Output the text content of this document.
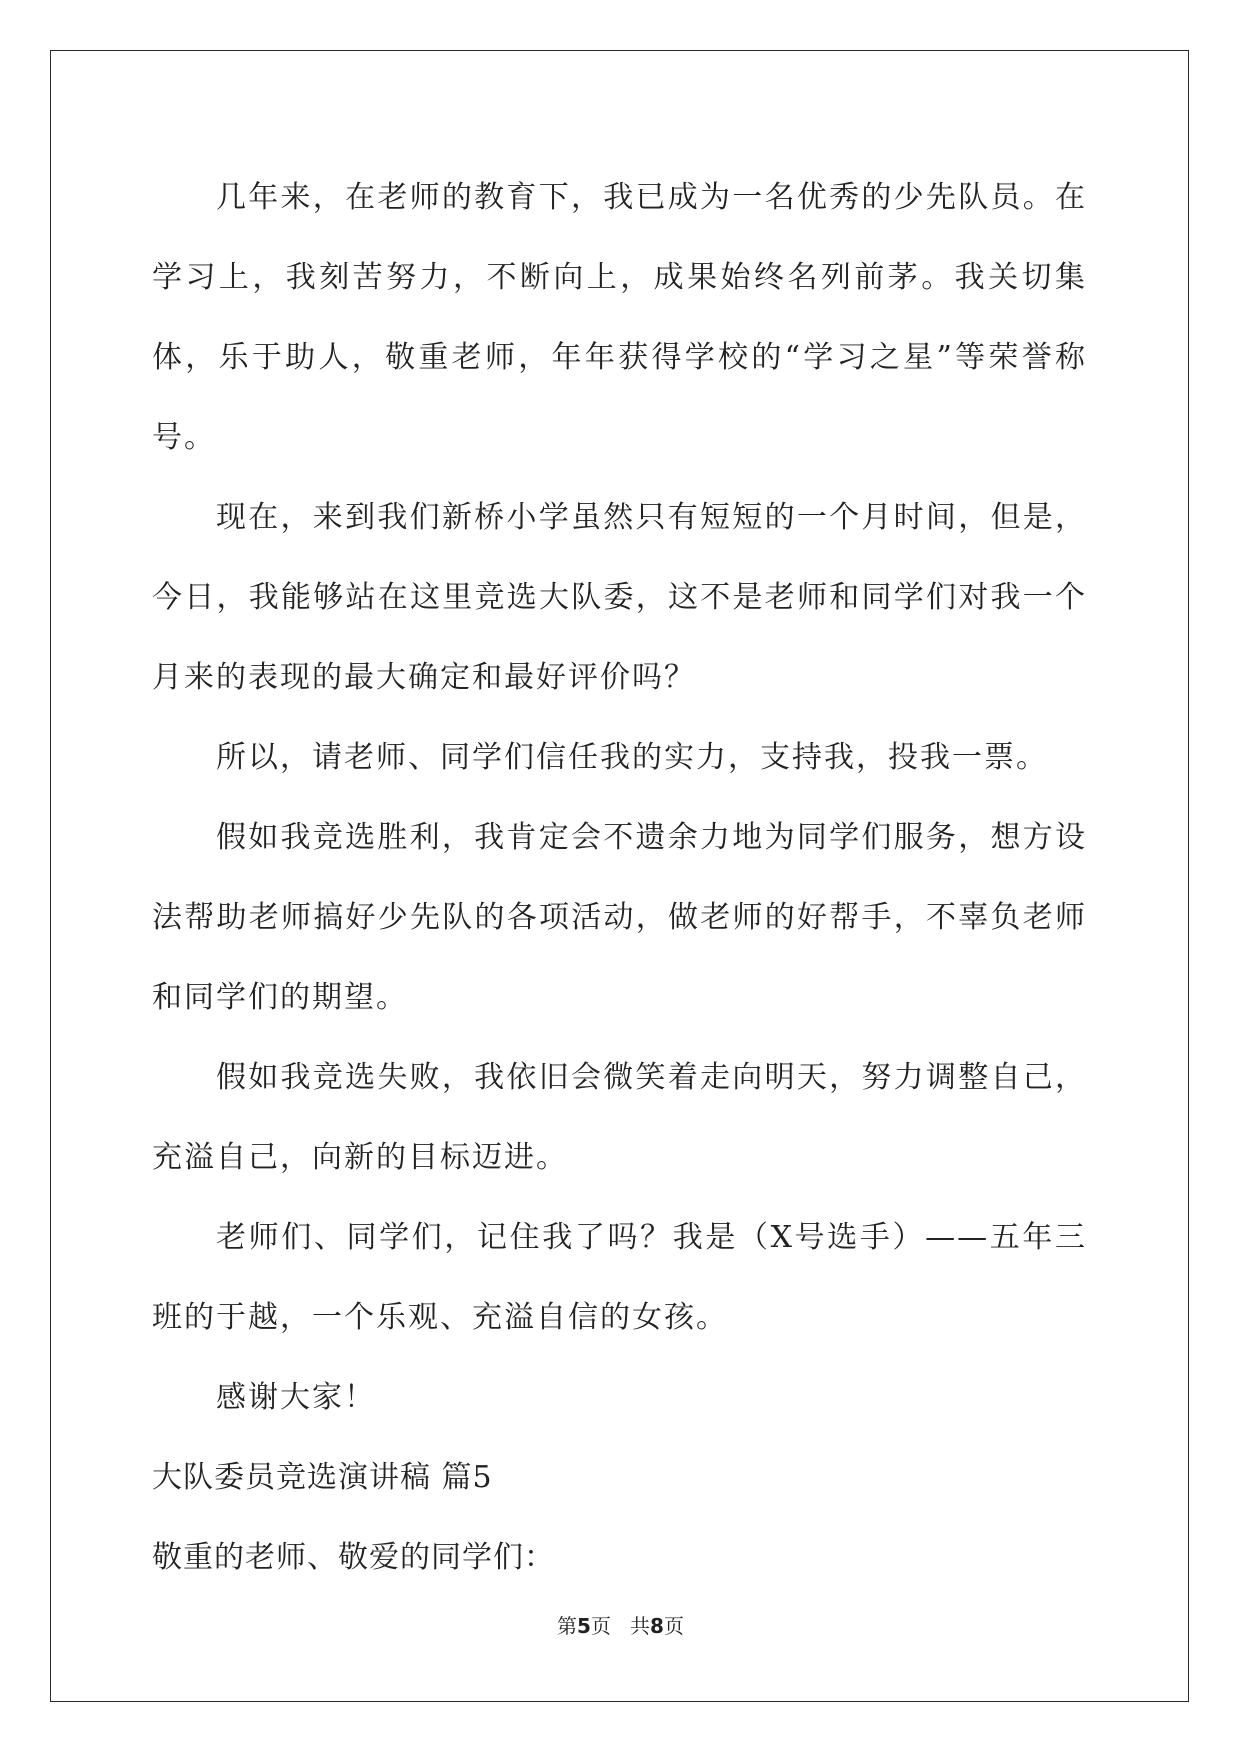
几年来，在老师的教育下，我已成为一名优秀的少先队员。在学习上，我刻苦努力，不断向上，成果始终名列前茅。我关切集体，乐于助人，敬重老师，年年获得学校的“学习之星”等荣誉称号。

现在，来到我们新桥小学虽然只有短短的一个月时间，但是，今日，我能够站在这里竞选大队委，这不是老师和同学们对我一个月来的表现的最大确定和最好评价吗？

所以，请老师、同学们信任我的实力，支持我，投我一票。

假如我竞选胜利，我肯定会不遗余力地为同学们服务，想方设法帮助老师搞好少先队的各项活动，做老师的好帮手，不辜负老师和同学们的期望。

假如我竞选失败，我依旧会微笑着走向明天，努力调整自己，充溢自己，向新的目标迈进。

老师们、同学们，记住我了吗？我是（X号选手）——五年三班的于越，一个乐观、充溢自信的女孩。

感谢大家！

大队委员竞选演讲稿 篇5

敬重的老师、敬爱的同学们：

第5页 共8页
